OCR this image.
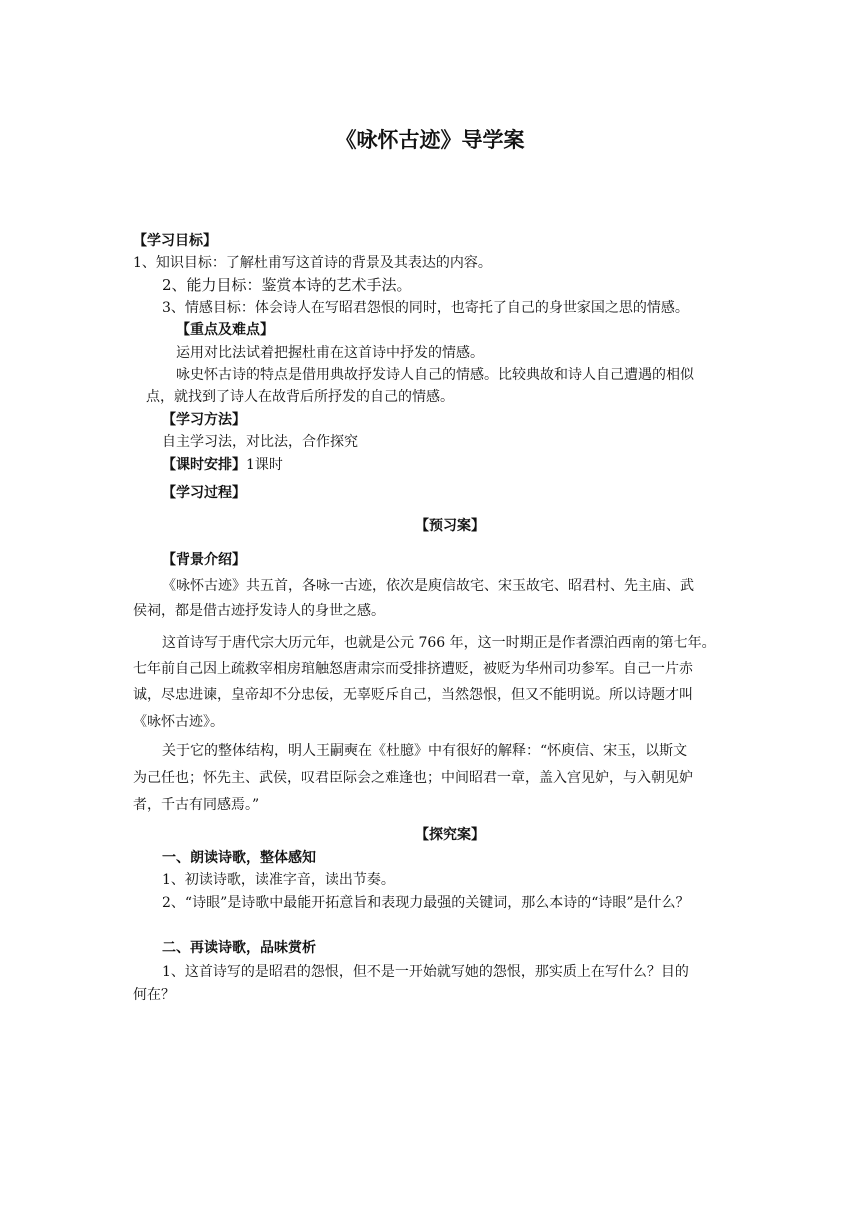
《咏怀古迹》导学案
【学习目标】
1、知识目标：了解杜甫写这首诗的背景及其表达的内容。
2、能力目标：鉴赏本诗的艺术手法。
3、情感目标：体会诗人在写昭君怨恨的同时，也寄托了自己的身世家国之思的情感。
【重点及难点】
运用对比法试着把握杜甫在这首诗中抒发的情感。
咏史怀古诗的特点是借用典故抒发诗人自己的情感。比较典故和诗人自己遭遇的相似
点，就找到了诗人在故背后所抒发的自己的情感。
【学习方法】
自主学习法，对比法，合作探究
【课时安排】1课时
【学习过程】
【预习案】
【背景介绍】
《咏怀古迹》共五首，各咏一古迹，依次是庾信故宅、宋玉故宅、昭君村、先主庙、武
侯祠，都是借古迹抒发诗人的身世之感。
这首诗写于唐代宗大历元年，也就是公元 766 年，这一时期正是作者漂泊西南的第七年。
七年前自己因上疏救宰相房琯触怒唐肃宗而受排挤遭贬，被贬为华州司功参军。自己一片赤
诚，尽忠进谏，皇帝却不分忠佞，无辜贬斥自己，当然怨恨，但又不能明说。所以诗题才叫
《咏怀古迹》。
关于它的整体结构，明人王嗣奭在《杜臆》中有很好的解释：“怀庾信、宋玉，以斯文
为己任也；怀先主、武侯，叹君臣际会之难逢也；中间昭君一章，盖入宫见妒，与入朝见妒
者，千古有同感焉。”
【探究案】
一、朗读诗歌，整体感知
1、初读诗歌，读准字音，读出节奏。
2、“诗眼”是诗歌中最能开拓意旨和表现力最强的关键词，那么本诗的“诗眼”是什么？
二、再读诗歌，品味赏析
1、这首诗写的是昭君的怨恨，但不是一开始就写她的怨恨，那实质上在写什么？目的
何在？
